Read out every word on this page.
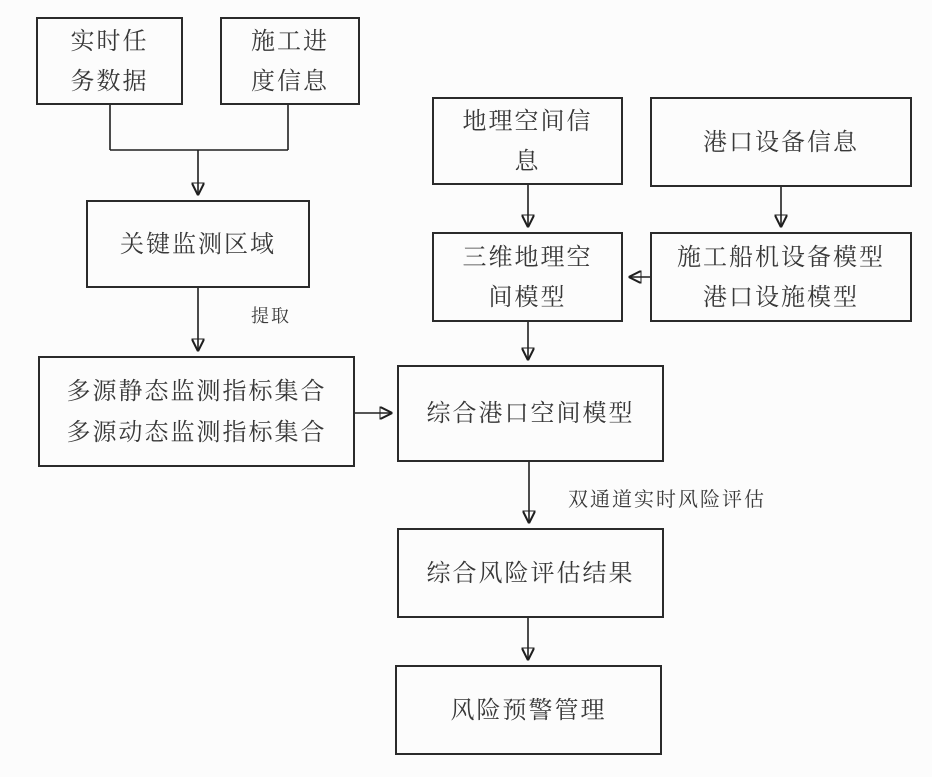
实时任
务数据
施工进
度信息
地理空间信
息
港口设备信息
关键监测区域	三维地理空
间模型
施工船机设备模型
港口设施模型
多源静态监测指标集合
多源动态监测指标集合
综合港口空间模型
综合风险评估结果
风险预警管理
提取
双通道实时风险评估
